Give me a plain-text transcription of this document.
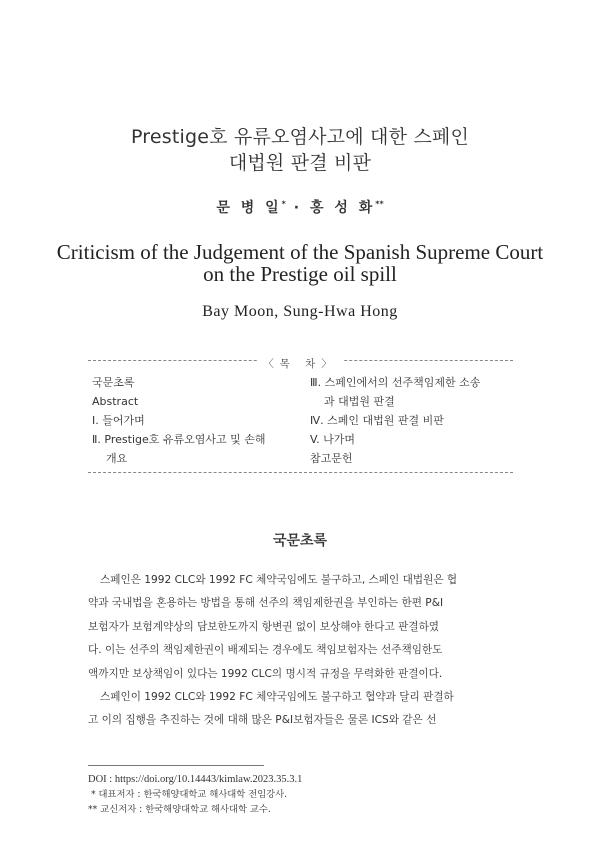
Prestige호 유류오염사고에 대한 스페인
대법원 판결 비판
문 병 일* · 홍 성 화**
Criticism of the Judgement of the Spanish Supreme Court
on the Prestige oil spill
Bay Moon, Sung-Hwa Hong
〈목 차〉
국문초록
Abstract
Ⅰ. 들어가며
Ⅱ. Prestige호 유류오염사고 및 손해
개요
Ⅲ. 스페인에서의 선주책임제한 소송
과 대법원 판결
Ⅳ. 스페인 대법원 판결 비판
V. 나가며
참고문헌
국문초록
스페인은 1992 CLC와 1992 FC 체약국임에도 불구하고, 스페인 대법원은 협
약과 국내법을 혼용하는 방법을 통해 선주의 책임제한권을 부인하는 한편 P&I
보험자가 보험계약상의 담보한도까지 항변권 없이 보상해야 한다고 판결하였
다. 이는 선주의 책임제한권이 배제되는 경우에도 책임보험자는 선주책임한도
액까지만 보상책임이 있다는 1992 CLC의 명시적 규정을 무력화한 판결이다.
스페인이 1992 CLC와 1992 FC 체약국임에도 불구하고 협약과 달리 판결하
고 이의 집행을 추진하는 것에 대해 많은 P&I보험자들은 물론 ICS와 같은 선
DOI : https://doi.org/10.14443/kimlaw.2023.35.3.1
* 대표저자 : 한국해양대학교 해사대학 전임강사.
** 교신저자 : 한국해양대학교 해사대학 교수.
